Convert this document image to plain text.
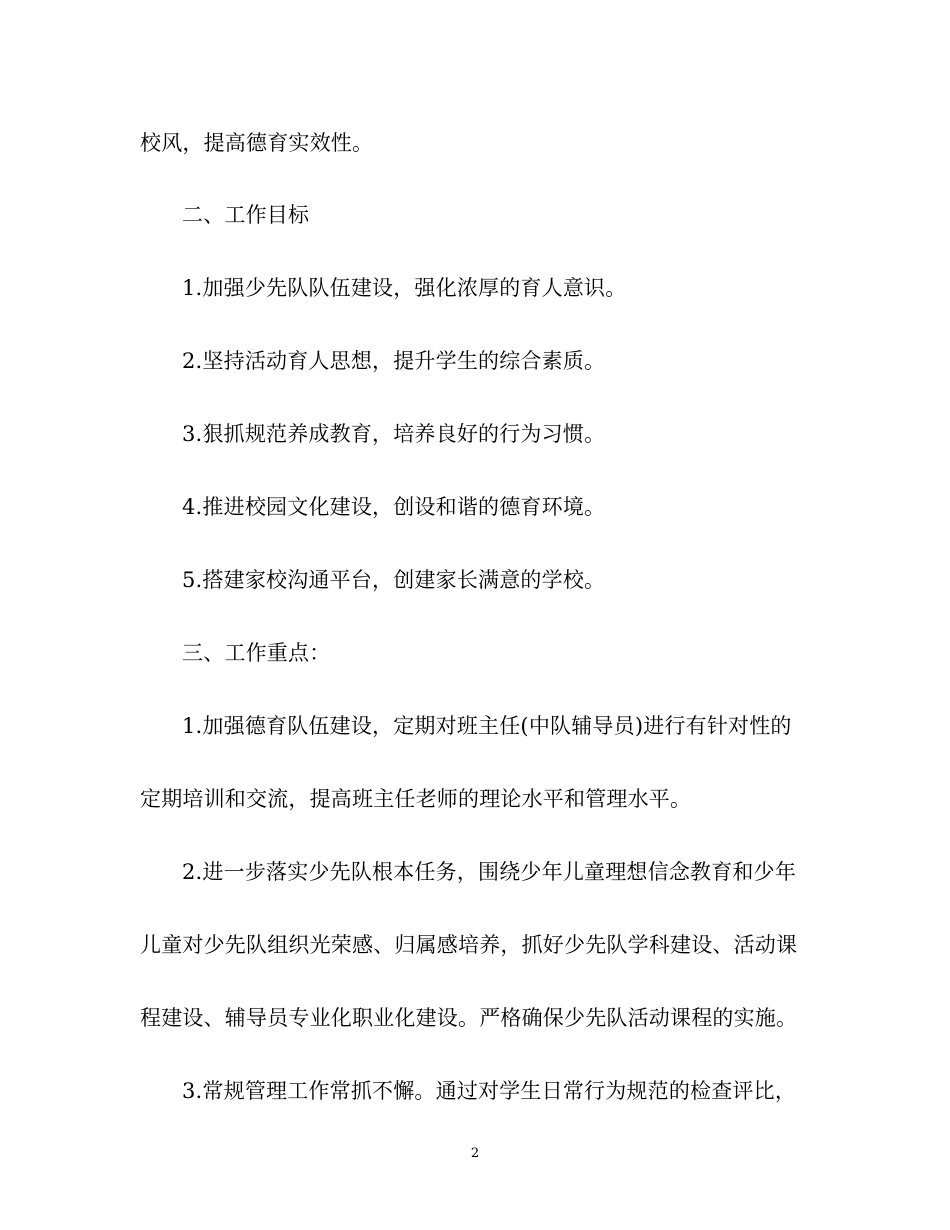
校风，提高德育实效性。
二、工作目标
1.加强少先队队伍建设，强化浓厚的育人意识。
2.坚持活动育人思想，提升学生的综合素质。
3.狠抓规范养成教育，培养良好的行为习惯。
4.推进校园文化建设，创设和谐的德育环境。
5.搭建家校沟通平台，创建家长满意的学校。
三、工作重点：
1.加强德育队伍建设，定期对班主任(中队辅导员)进行有针对性的
定期培训和交流，提高班主任老师的理论水平和管理水平。
2.进一步落实少先队根本任务，围绕少年儿童理想信念教育和少年
儿童对少先队组织光荣感、归属感培养，抓好少先队学科建设、活动课
程建设、辅导员专业化职业化建设。严格确保少先队活动课程的实施。
3.常规管理工作常抓不懈。通过对学生日常行为规范的检查评比，
2
